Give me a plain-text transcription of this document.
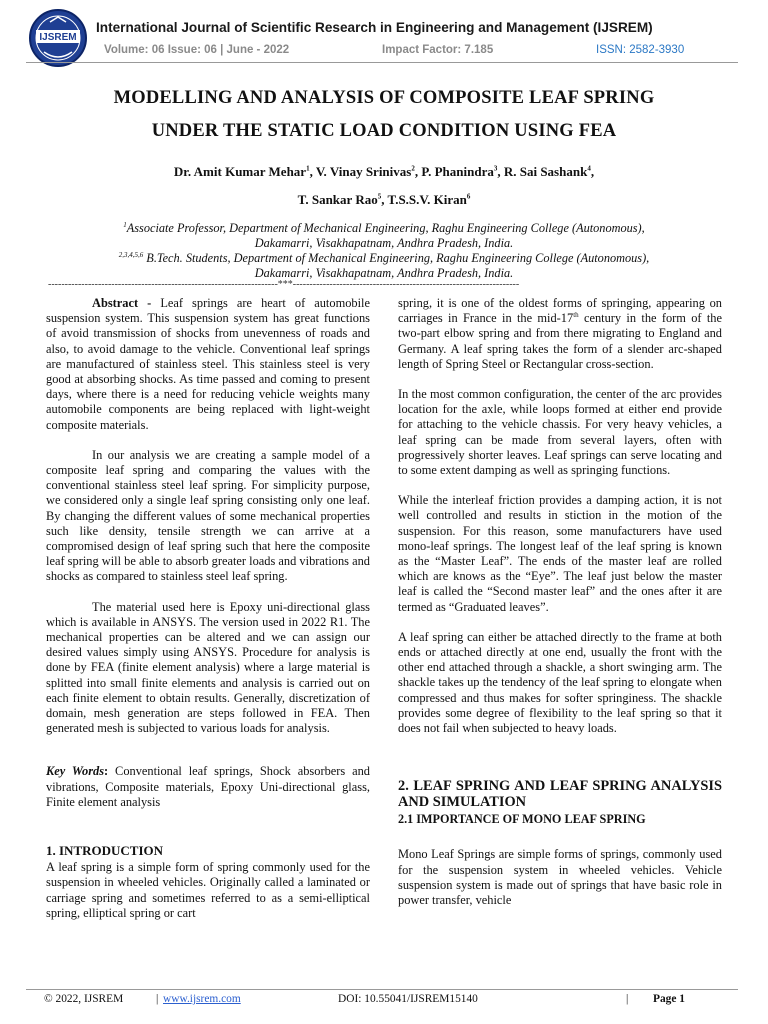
IJSREM
International Journal of Scientific Research in Engineering and Management (IJSREM)
Volume: 06 Issue: 06 | June - 2022	Impact Factor: 7.185	ISSN: 2582-3930
MODELLING AND ANALYSIS OF COMPOSITE LEAF SPRING
UNDER THE STATIC LOAD CONDITION USING FEA
Dr. Amit Kumar Mehar$^1$, V. Vinay Srinivas$^2$, P. Phanindra$^3$, R. Sai Sashank$^4$,
T. Sankar Rao$^5$, T.S.S.V. Kiran$^6$
$^1$Associate Professor, Department of Mechanical Engineering, Raghu Engineering College (Autonomous),
Dakamarri, Visakhapatnam, Andhra Pradesh, India.
$^{2,3,4,5,6}$ B.Tech. Students, Department of Mechanical Engineering, Raghu Engineering College (Autonomous),
Dakamarri, Visakhapatnam, Andhra Pradesh, India.
---------------------------------------------------------------------***--------------------------------------------------------------------

Abstract - Leaf springs are heart of automobile suspension system. This suspension system has great functions of avoid transmission of shocks from unevenness of roads and also, to avoid damage to the vehicle. Conventional leaf springs are manufactured of stainless steel. This stainless steel is very good at absorbing shocks. As time passed and coming to present days, where there is a need for reducing vehicle weights many automobile components are being replaced with light-weight composite materials.

In our analysis we are creating a sample model of a composite leaf spring and comparing the values with the conventional stainless steel leaf spring. For simplicity purpose, we considered only a single leaf spring consisting only one leaf. By changing the different values of some mechanical properties such like density, tensile strength we can arrive at a compromised design of leaf spring such that here the composite leaf spring will be able to absorb greater loads and vibrations and shocks as compared to stainless steel leaf spring.

The material used here is Epoxy uni-directional glass which is available in ANSYS. The version used in 2022 R1. The mechanical properties can be altered and we can assign our desired values simply using ANSYS. Procedure for analysis is done by FEA (finite element analysis) where a large material is splitted into small finite elements and analysis is carried out on each finite element to obtain results. Generally, discretization of domain, mesh generation are steps followed in FEA. Then generated mesh is subjected to various loads for analysis.

Key Words: Conventional leaf springs, Shock absorbers and vibrations, Composite materials, Epoxy Uni-directional glass, Finite element analysis

1. INTRODUCTION

A leaf spring is a simple form of spring commonly used for the suspension in wheeled vehicles. Originally called a laminated or carriage spring and sometimes referred to as a semi-elliptical spring, elliptical spring or cart

spring, it is one of the oldest forms of springing, appearing on carriages in France in the mid-17th century in the form of the two-part elbow spring and from there migrating to England and Germany. A leaf spring takes the form of a slender arc-shaped length of Spring Steel or Rectangular cross-section.

In the most common configuration, the center of the arc provides location for the axle, while loops formed at either end provide for attaching to the vehicle chassis. For very heavy vehicles, a leaf spring can be made from several layers, often with progressively shorter leaves. Leaf springs can serve locating and to some extent damping as well as springing functions.

While the interleaf friction provides a damping action, it is not well controlled and results in stiction in the motion of the suspension. For this reason, some manufacturers have used mono-leaf springs. The longest leaf of the leaf spring is known as the “Master Leaf”. The ends of the master leaf are rolled which are knows as the “Eye”. The leaf just below the master leaf is called the “Second master leaf” and the ones after it are termed as “Graduated leaves”.

A leaf spring can either be attached directly to the frame at both ends or attached directly at one end, usually the front with the other end attached through a shackle, a short swinging arm. The shackle takes up the tendency of the leaf spring to elongate when compressed and thus makes for softer springiness. The shackle provides some degree of flexibility to the leaf spring so that it does not fail when subjected to heavy loads.

2. LEAF SPRING AND LEAF SPRING ANALYSIS AND SIMULATION
2.1 IMPORTANCE OF MONO LEAF SPRING

Mono Leaf Springs are simple forms of springs, commonly used for the suspension system in wheeled vehicles. Vehicle suspension system is made out of springs that have basic role in power transfer, vehicle

© 2022, IJSREM	| www.ijsrem.com	DOI: 10.55041/IJSREM15140	| Page 1
